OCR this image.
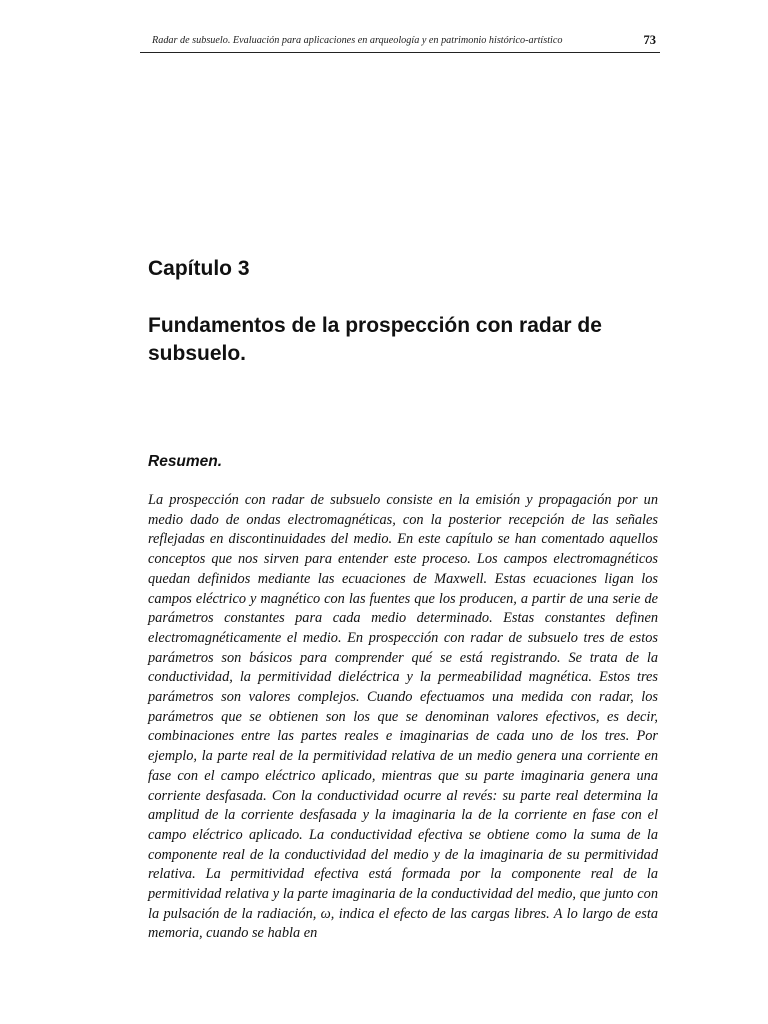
Radar de subsuelo. Evaluación para aplicaciones en arqueología y en patrimonio histórico-artístico	73
Capítulo 3
Fundamentos de la prospección con radar de subsuelo.
Resumen.

La prospección con radar de subsuelo consiste en la emisión y propagación por un medio dado de ondas electromagnéticas, con la posterior recepción de las señales reflejadas en discontinuidades del medio. En este capítulo se han comentado aquellos conceptos que nos sirven para entender este proceso. Los campos electromagnéticos quedan definidos mediante las ecuaciones de Maxwell. Estas ecuaciones ligan los campos eléctrico y magnético con las fuentes que los producen, a partir de una serie de parámetros constantes para cada medio determinado. Estas constantes definen electromagnéticamente el medio. En prospección con radar de subsuelo tres de estos parámetros son básicos para comprender qué se está registrando. Se trata de la conductividad, la permitividad dieléctrica y la permeabilidad magnética. Estos tres parámetros son valores complejos. Cuando efectuamos una medida con radar, los parámetros que se obtienen son los que se denominan valores efectivos, es decir, combinaciones entre las partes reales e imaginarias de cada uno de los tres. Por ejemplo, la parte real de la permitividad relativa de un medio genera una corriente en fase con el campo eléctrico aplicado, mientras que su parte imaginaria genera una corriente desfasada. Con la conductividad ocurre al revés: su parte real determina la amplitud de la corriente desfasada y la imaginaria la de la corriente en fase con el campo eléctrico aplicado. La conductividad efectiva se obtiene como la suma de la componente real de la conductividad del medio y de la imaginaria de su permitividad relativa. La permitividad efectiva está formada por la componente real de la permitividad relativa y la parte imaginaria de la conductividad del medio, que junto con la pulsación de la radiación, ω, indica el efecto de las cargas libres. A lo largo de esta memoria, cuando se habla en
